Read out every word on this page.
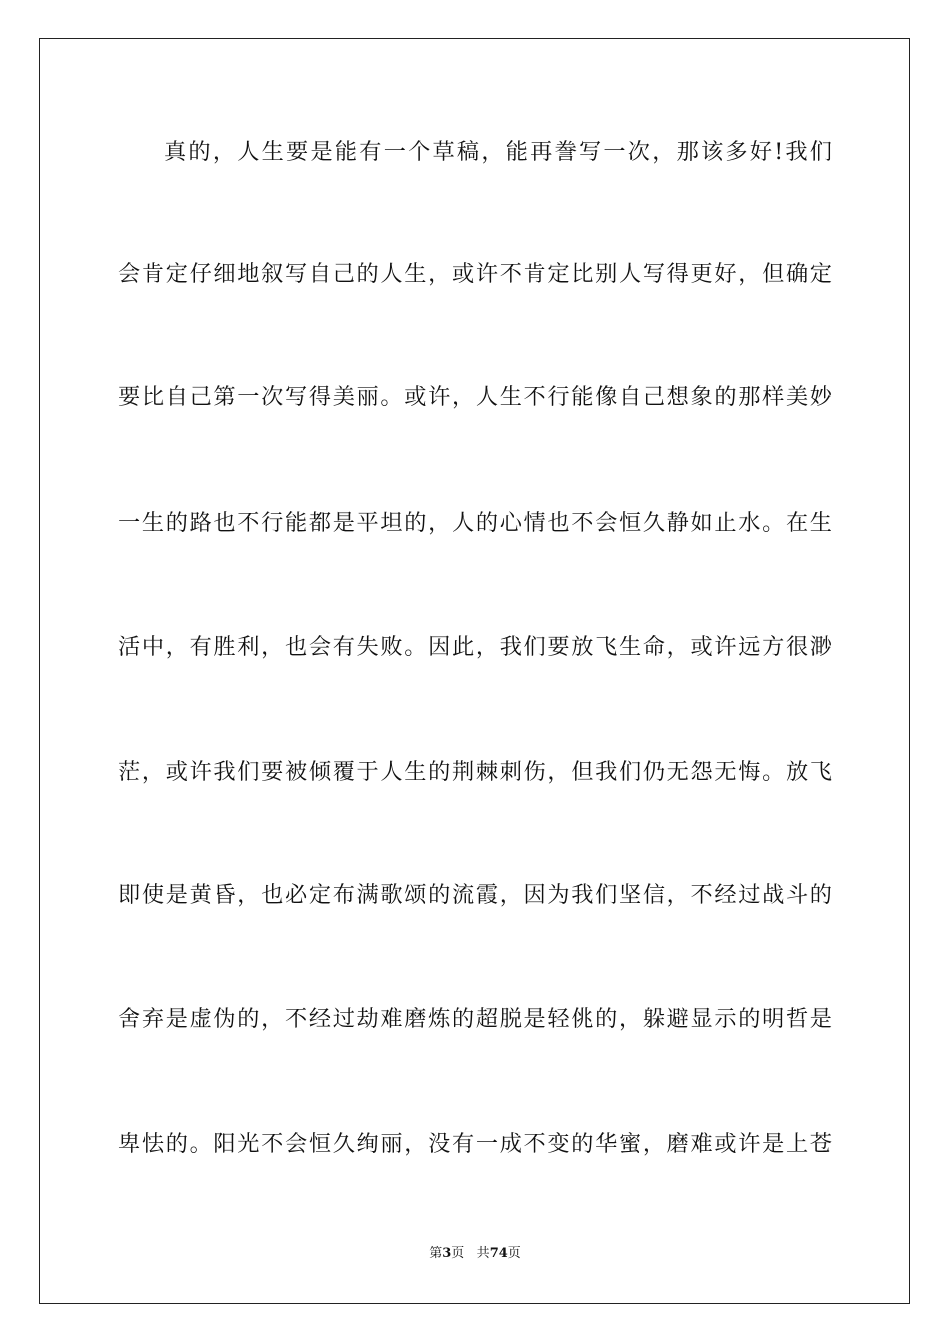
真的，人生要是能有一个草稿，能再誊写一次，那该多好!我们
会肯定仔细地叙写自己的人生，或许不肯定比别人写得更好，但确定
要比自己第一次写得美丽。或许，人生不行能像自己想象的那样美妙
一生的路也不行能都是平坦的，人的心情也不会恒久静如止水。在生
活中，有胜利，也会有失败。因此，我们要放飞生命，或许远方很渺
茫，或许我们要被倾覆于人生的荆棘刺伤，但我们仍无怨无悔。放飞
即使是黄昏，也必定布满歌颂的流霞，因为我们坚信，不经过战斗的
舍弃是虚伪的，不经过劫难磨炼的超脱是轻佻的，躲避显示的明哲是
卑怯的。阳光不会恒久绚丽，没有一成不变的华蜜，磨难或许是上苍
第3页 共74页
